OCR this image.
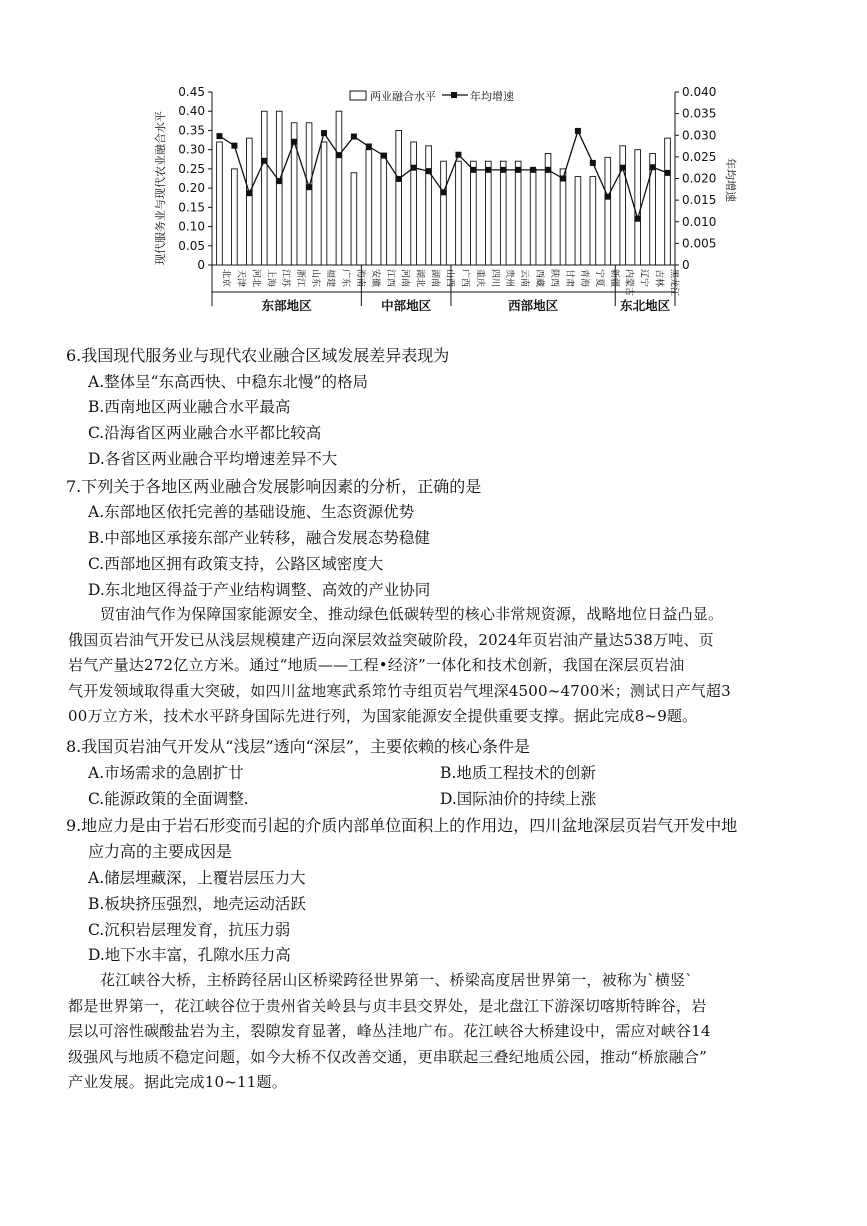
两业融合水平	年均增速
现代服务业与现代农业融合水平	年均增速
0.45
0.40
0.35
0.30
0.25
0.20
0.15
0.10
0.05
0
0.040
0.035
0.030
0.025
0.020
0.015
0.010
0.005
0
北京 天津 河北 上海 江苏 浙江 山东 福建 广东 海南 安徽 江西 河南 湖北 湖南 山西 广西 重庆 四川 贵州 云南 西藏 陕西 甘肃 青海 宁夏 新疆 内蒙古 辽宁 吉林 黑龙江
东部地区	中部地区	西部地区	东北地区
6.我国现代服务业与现代农业融合区域发展差异表现为
A.整体呈“东高西快、中稳东北慢”的格局
B.西南地区两业融合水平最高
C.沿海省区两业融合水平都比较高
D.各省区两业融合平均增速差异不大
7.下列关于各地区两业融合发展影响因素的分析，正确的是
A.东部地区依托完善的基础设施、生态资源优势
B.中部地区承接东部产业转移，融合发展态势稳健
C.西部地区拥有政策支持，公路区域密度大
D.东北地区得益于产业结构调整、高效的产业协同
贸宙油气作为保障国家能源安全、推动绿色低碳转型的核心非常规资源，战略地位日益凸显。
俄国页岩油气开发已从浅层规模建产迈向深层效益突破阶段，2024年页岩油产量达538万吨、页
岩气产量达272亿立方米。通过“地质——工程•经济”一体化和技术创新，我国在深层页岩油
气开发领域取得重大突破，如四川盆地寒武系筇竹寺组页岩气埋深4500~4700米；测试日产气超3
00万立方米，技术水平跻身国际先进行列，为国家能源安全提供重要支撑。据此完成8~9题。
8.我国页岩油气开发从“浅层”透向“深层”，主要依赖的核心条件是
A.市场需求的急剧扩廿	B.地质工程技术的创新
C.能源政策的全面调整.	D.国际油价的持续上涨
9.地应力是由于岩石形变而引起的介质内部单位面积上的作用边，四川盆地深层页岩气开发中地
应力高的主要成因是
A.储层埋藏深，上覆岩层压力大
B.板块挤压强烈，地壳运动活跃
C.沉积岩层理发育，抗压力弱
D.地下水丰富，孔隙水压力高
花江峡谷大桥，主桥跨径居山区桥梁跨径世界第一、桥梁高度居世界第一，被称为`横竖`
都是世界第一，花江峡谷位于贵州省关岭县与贞丰县交界处，是北盘江下游深切喀斯特眸谷，岩
层以可溶性碳酸盐岩为主，裂隙发育显著，峰丛洼地广布。花江峡谷大桥建设中，需应对峡谷14
级强风与地质不稳定问题，如今大桥不仅改善交通，更串联起三叠纪地质公园，推动“桥旅融合”
产业发展。据此完成10~11题。
